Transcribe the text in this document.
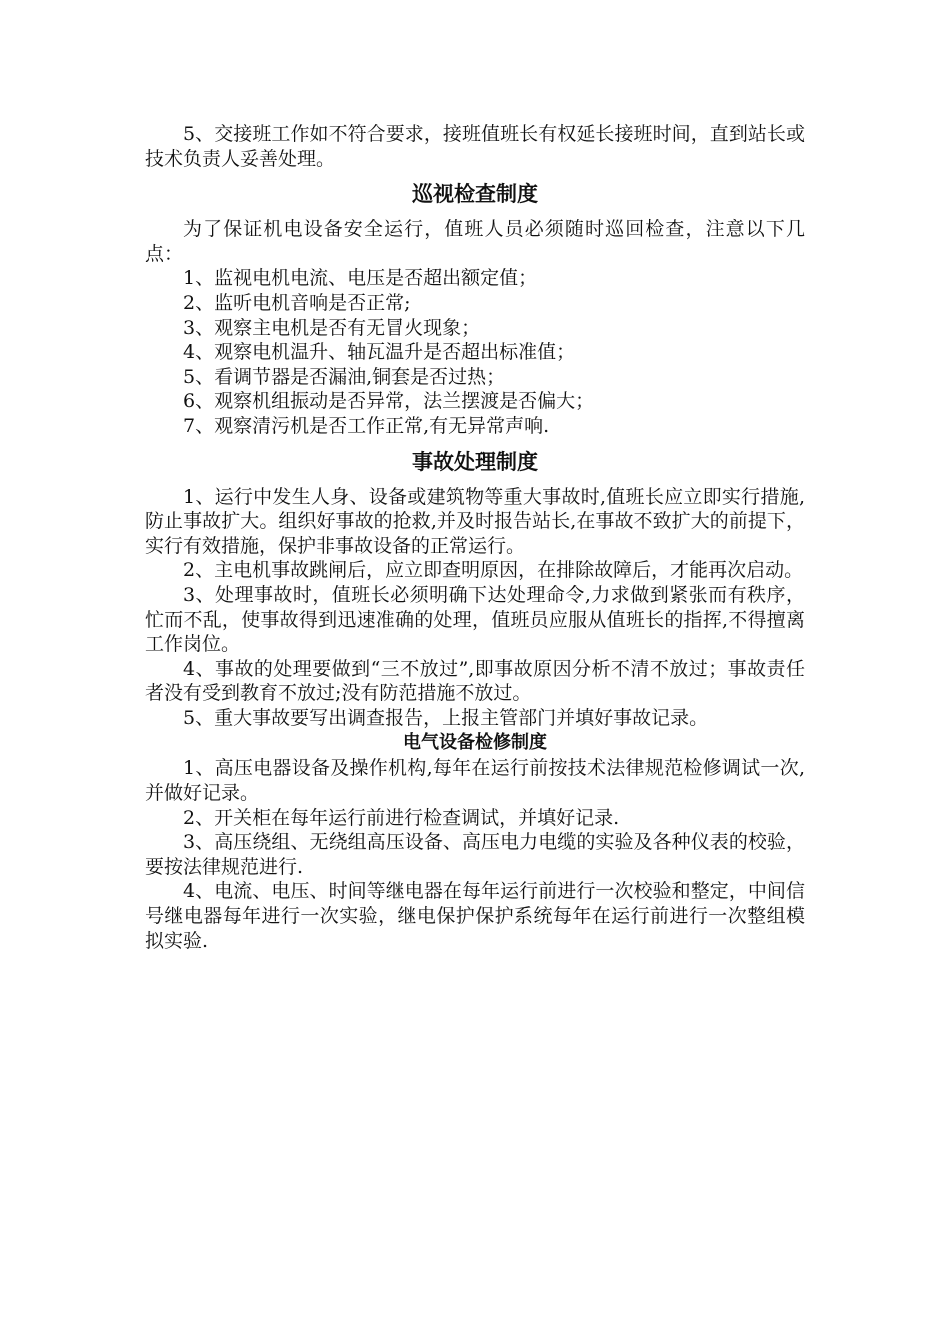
5、交接班工作如不符合要求，接班值班长有权延长接班时间，直到站长或技术负责人妥善处理。

巡视检查制度

为了保证机电设备安全运行，值班人员必须随时巡回检查，注意以下几点：

1、监视电机电流、电压是否超出额定值；

2、监听电机音响是否正常;

3、观察主电机是否有无冒火现象；

4、观察电机温升、轴瓦温升是否超出标准值；

5、看调节器是否漏油,铜套是否过热；

6、观察机组振动是否异常，法兰摆渡是否偏大；

7、观察清污机是否工作正常,有无异常声响.

事故处理制度

1、运行中发生人身、设备或建筑物等重大事故时,值班长应立即实行措施,防止事故扩大。组织好事故的抢救,并及时报告站长,在事故不致扩大的前提下，实行有效措施，保护非事故设备的正常运行。

2、主电机事故跳闸后，应立即查明原因，在排除故障后，才能再次启动。

3、处理事故时，值班长必须明确下达处理命令,力求做到紧张而有秩序，忙而不乱，使事故得到迅速准确的处理，值班员应服从值班长的指挥,不得擅离工作岗位。

4、事故的处理要做到“三不放过”,即事故原因分析不清不放过；事故责任者没有受到教育不放过;没有防范措施不放过。

5、重大事故要写出调查报告，上报主管部门并填好事故记录。

电气设备检修制度

1、高压电器设备及操作机构,每年在运行前按技术法律规范检修调试一次,并做好记录。

2、开关柜在每年运行前进行检查调试，并填好记录.

3、高压绕组、无绕组高压设备、高压电力电缆的实验及各种仪表的校验，要按法律规范进行.

4、电流、电压、时间等继电器在每年运行前进行一次校验和整定，中间信号继电器每年进行一次实验，继电保护保护系统每年在运行前进行一次整组模拟实验.
